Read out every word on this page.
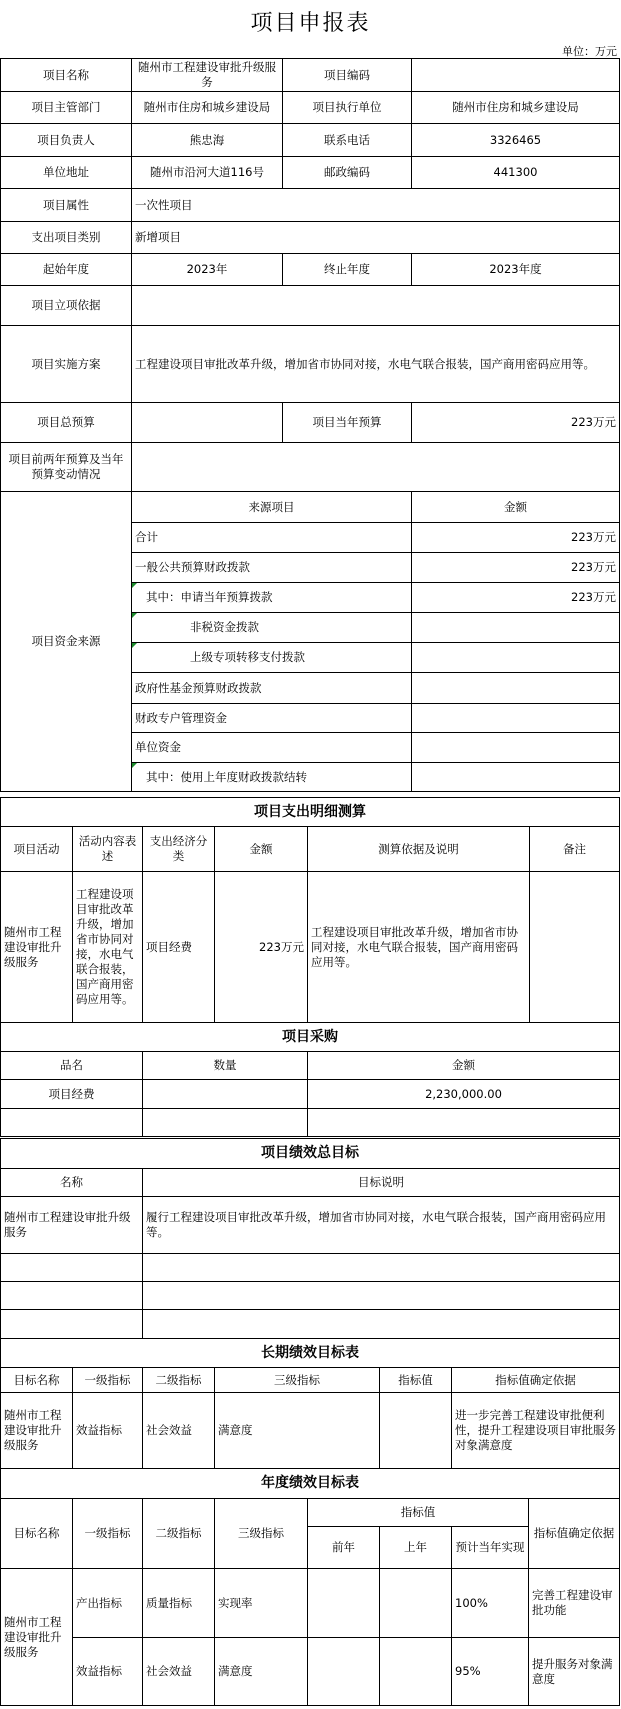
项目申报表
单位：万元
项目名称	随州市工程建设审批升级服务	项目编码	
项目主管部门	随州市住房和城乡建设局	项目执行单位	随州市住房和城乡建设局
项目负责人	熊忠海	联系电话	3326465
单位地址	随州市沿河大道116号	邮政编码	441300
项目属性	一次性项目		
支出项目类别	新增项目		
起始年度	2023年	终止年度	2023年度
项目立项依据			
项目实施方案	工程建设项目审批改革升级，增加省市协同对接，水电气联合报装，国产商用密码应用等。		
项目总预算		项目当年预算	223万元
项目前两年预算及当年预算变动情况			
项目资金来源	来源项目		金额
	合计		223万元
	一般公共预算财政拨款		223万元
	其中：申请当年预算拨款		223万元
	非税资金拨款		
	上级专项转移支付拨款		
	政府性基金预算财政拨款		
	财政专户管理资金		
	单位资金		
	其中：使用上年度财政拨款结转		
项目支出明细测算					
项目活动	活动内容表述	支出经济分类	金额	测算依据及说明	备注
随州市工程建设审批升级服务	工程建设项目审批改革升级，增加省市协同对接，水电气联合报装，国产商用密码应用等。	项目经费	223万元	工程建设项目审批改革升级，增加省市协同对接，水电气联合报装，国产商用密码应用等。	
项目采购		
品名	数量	金额
项目经费		2,230,000.00

项目绩效总目标	
名称	目标说明
随州市工程建设审批升级服务	履行工程建设项目审批改革升级，增加省市协同对接，水电气联合报装，国产商用密码应用等。

长期绩效目标表					
目标名称	一级指标	二级指标	三级指标	指标值	指标值确定依据
随州市工程建设审批升级服务	效益指标	社会效益	满意度		进一步完善工程建设审批便利性，提升工程建设项目审批服务对象满意度
年度绩效目标表							
目标名称	一级指标	二级指标	三级指标	指标值			指标值确定依据
				前年	上年	预计当年实现	
随州市工程建设审批升级服务	产出指标	质量指标	实现率			100%	完善工程建设审批功能
	效益指标	社会效益	满意度			95%	提升服务对象满意度
